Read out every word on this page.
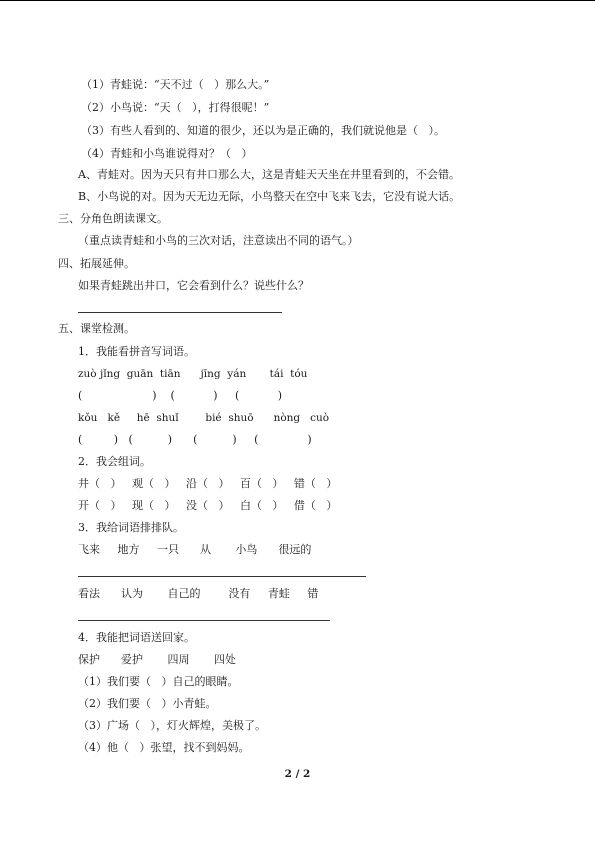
（1）青蛙说：“天不过（   ）那么大。”
（2）小鸟说：“天（   ），打得很呢！”
（3）有些人看到的、知道的很少，还以为是正确的，我们就说他是（   ）。
（4）青蛙和小鸟谁说得对？（   ）
A、青蛙对。因为天只有井口那么大，这是青蛙天天坐在井里看到的，不会错。
B、小鸟说的对。因为天无边无际，小鸟整天在空中飞来飞去，它没有说大话。
三、分角色朗读课文。
（重点读青蛙和小鸟的三次对话，注意读出不同的语气。）
四、拓展延伸。
如果青蛙跳出井口，它会看到什么？说些什么？
五、课堂检测。
1．我能看拼音写词语。
zuò jǐng  guān  tiān      jīng  yán       tái  tóu
(                    )    (           )     (           )
kǒu   kě     hē  shuǐ        bié  shuō      nòng   cuò
(         )   (          )      (          )     (              )
2．我会组词。
井（   ）   观（   ）   沿（   ）   百（   ）   错（   ）
开（   ）   现（   ）   没（   ）   白（   ）   借（   ）
3．我给词语排排队。
飞来     地方     一只      从       小鸟      很远的
看法      认为       自己的        没有     青蛙     错
4．我能把词语送回家。
保护      爱护       四周       四处
（1）我们要（   ）自己的眼睛。
（2）我们要（   ）小青蛙。
（3）广场（   ），灯火辉煌，美极了。
（4）他（   ）张望，找不到妈妈。
2 / 2
